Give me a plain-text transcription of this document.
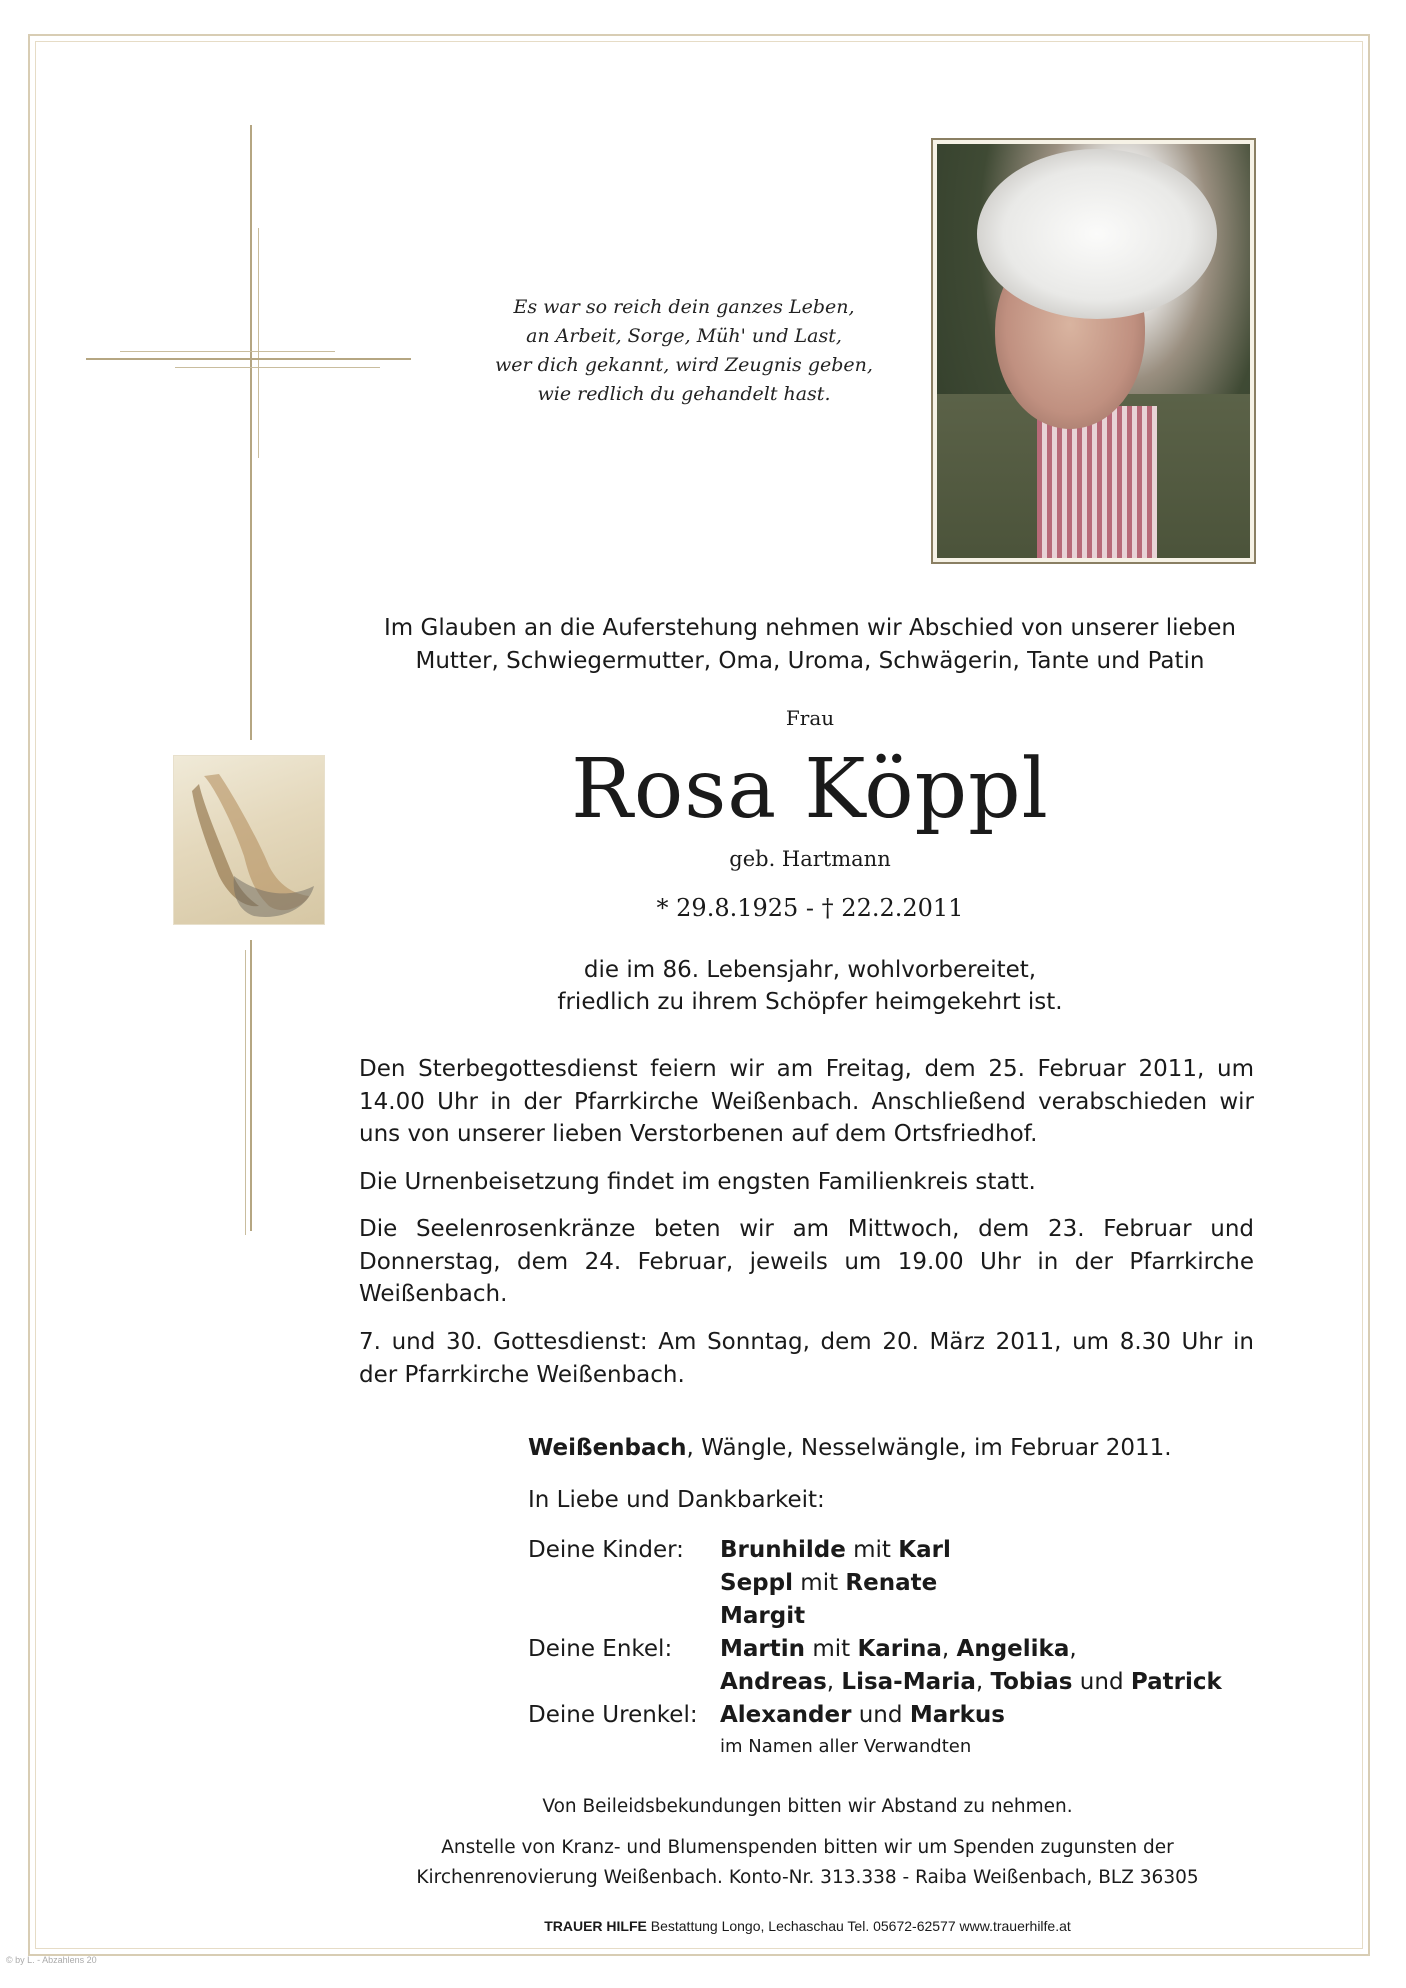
Es war so reich dein ganzes Leben,
an Arbeit, Sorge, Müh' und Last,
wer dich gekannt, wird Zeugnis geben,
wie redlich du gehandelt hast.
Im Glauben an die Auferstehung nehmen wir Abschied von unserer lieben
Mutter, Schwiegermutter, Oma, Uroma, Schwägerin, Tante und Patin
Frau
Rosa Köppl
geb. Hartmann
* 29.8.1925 - † 22.2.2011
die im 86. Lebensjahr, wohlvorbereitet,
friedlich zu ihrem Schöpfer heimgekehrt ist.
Den Sterbegottesdienst feiern wir am Freitag, dem 25. Februar 2011, um 14.00 Uhr in der Pfarrkirche Weißenbach. Anschließend verabschieden wir uns von unserer lieben Verstorbenen auf dem Ortsfriedhof.
Die Urnenbeisetzung findet im engsten Familienkreis statt.
Die Seelenrosenkränze beten wir am Mittwoch, dem 23. Februar und Donnerstag, dem 24. Februar, jeweils um 19.00 Uhr in der Pfarrkirche Weißenbach.
7. und 30. Gottesdienst: Am Sonntag, dem 20. März 2011, um 8.30 Uhr in der Pfarrkirche Weißenbach.
Weißenbach, Wängle, Nesselwängle, im Februar 2011.
In Liebe und Dankbarkeit:
Deine Kinder:	Brunhilde mit Karl
Seppl mit Renate
Margit
Deine Enkel:	Martin mit Karina, Angelika,
Andreas, Lisa-Maria, Tobias und Patrick
Deine Urenkel: Alexander und Markus
im Namen aller Verwandten
Von Beileidsbekundungen bitten wir Abstand zu nehmen.
Anstelle von Kranz- und Blumenspenden bitten wir um Spenden zugunsten der
Kirchenrenovierung Weißenbach. Konto-Nr. 313.338 - Raiba Weißenbach, BLZ 36305
TRAUER HILFE Bestattung Longo, Lechaschau Tel. 05672-62577 www.trauerhilfe.at
© by L. - Abzahlens 20
